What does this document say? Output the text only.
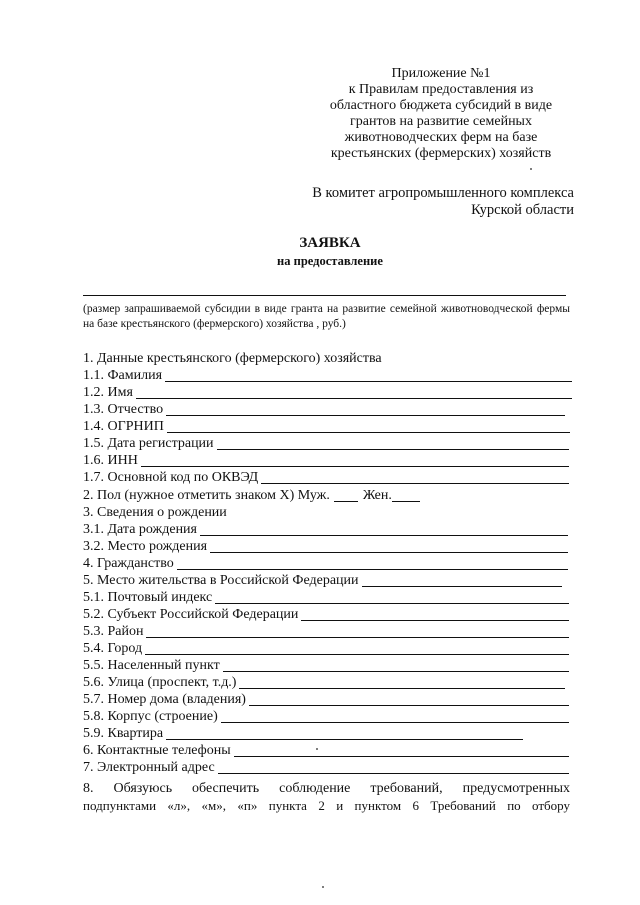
Приложение №1
к Правилам предоставления из
областного бюджета субсидий в виде
грантов на развитие семейных
животноводческих ферм на базе
крестьянских (фермерских) хозяйств
В комитет агропромышленного комплекса
Курской области
ЗАЯВКА
на предоставление
(размер запрашиваемой субсидии в виде гранта на развитие семейной животноводческой фермы на базе крестьянского (фермерского) хозяйства , руб.)
1. Данные крестьянского (фермерского) хозяйства
1.1. Фамилия
1.2. Имя
1.3. Отчество
1.4. ОГРНИП
1.5. Дата регистрации
1.6. ИНН
1.7. Основной код по ОКВЭД
2. Пол (нужное отметить знаком Х) Муж. Жен.
3. Сведения о рождении
3.1. Дата рождения
3.2. Место рождения
4. Гражданство
5. Место жительства в Российской Федерации
5.1. Почтовый индекс
5.2. Субъект Российской Федерации
5.3. Район
5.4. Город
5.5. Населенный пункт
5.6. Улица (проспект, т.д.)
5.7. Номер дома (владения)
5.8. Корпус (строение)
5.9. Квартира
6. Контактные телефоны
7. Электронный адрес
8. Обязуюсь обеспечить соблюдение требований, предусмотренных
подпунктами «л», «м», «п» пункта 2 и пунктом 6 Требований по отбору
